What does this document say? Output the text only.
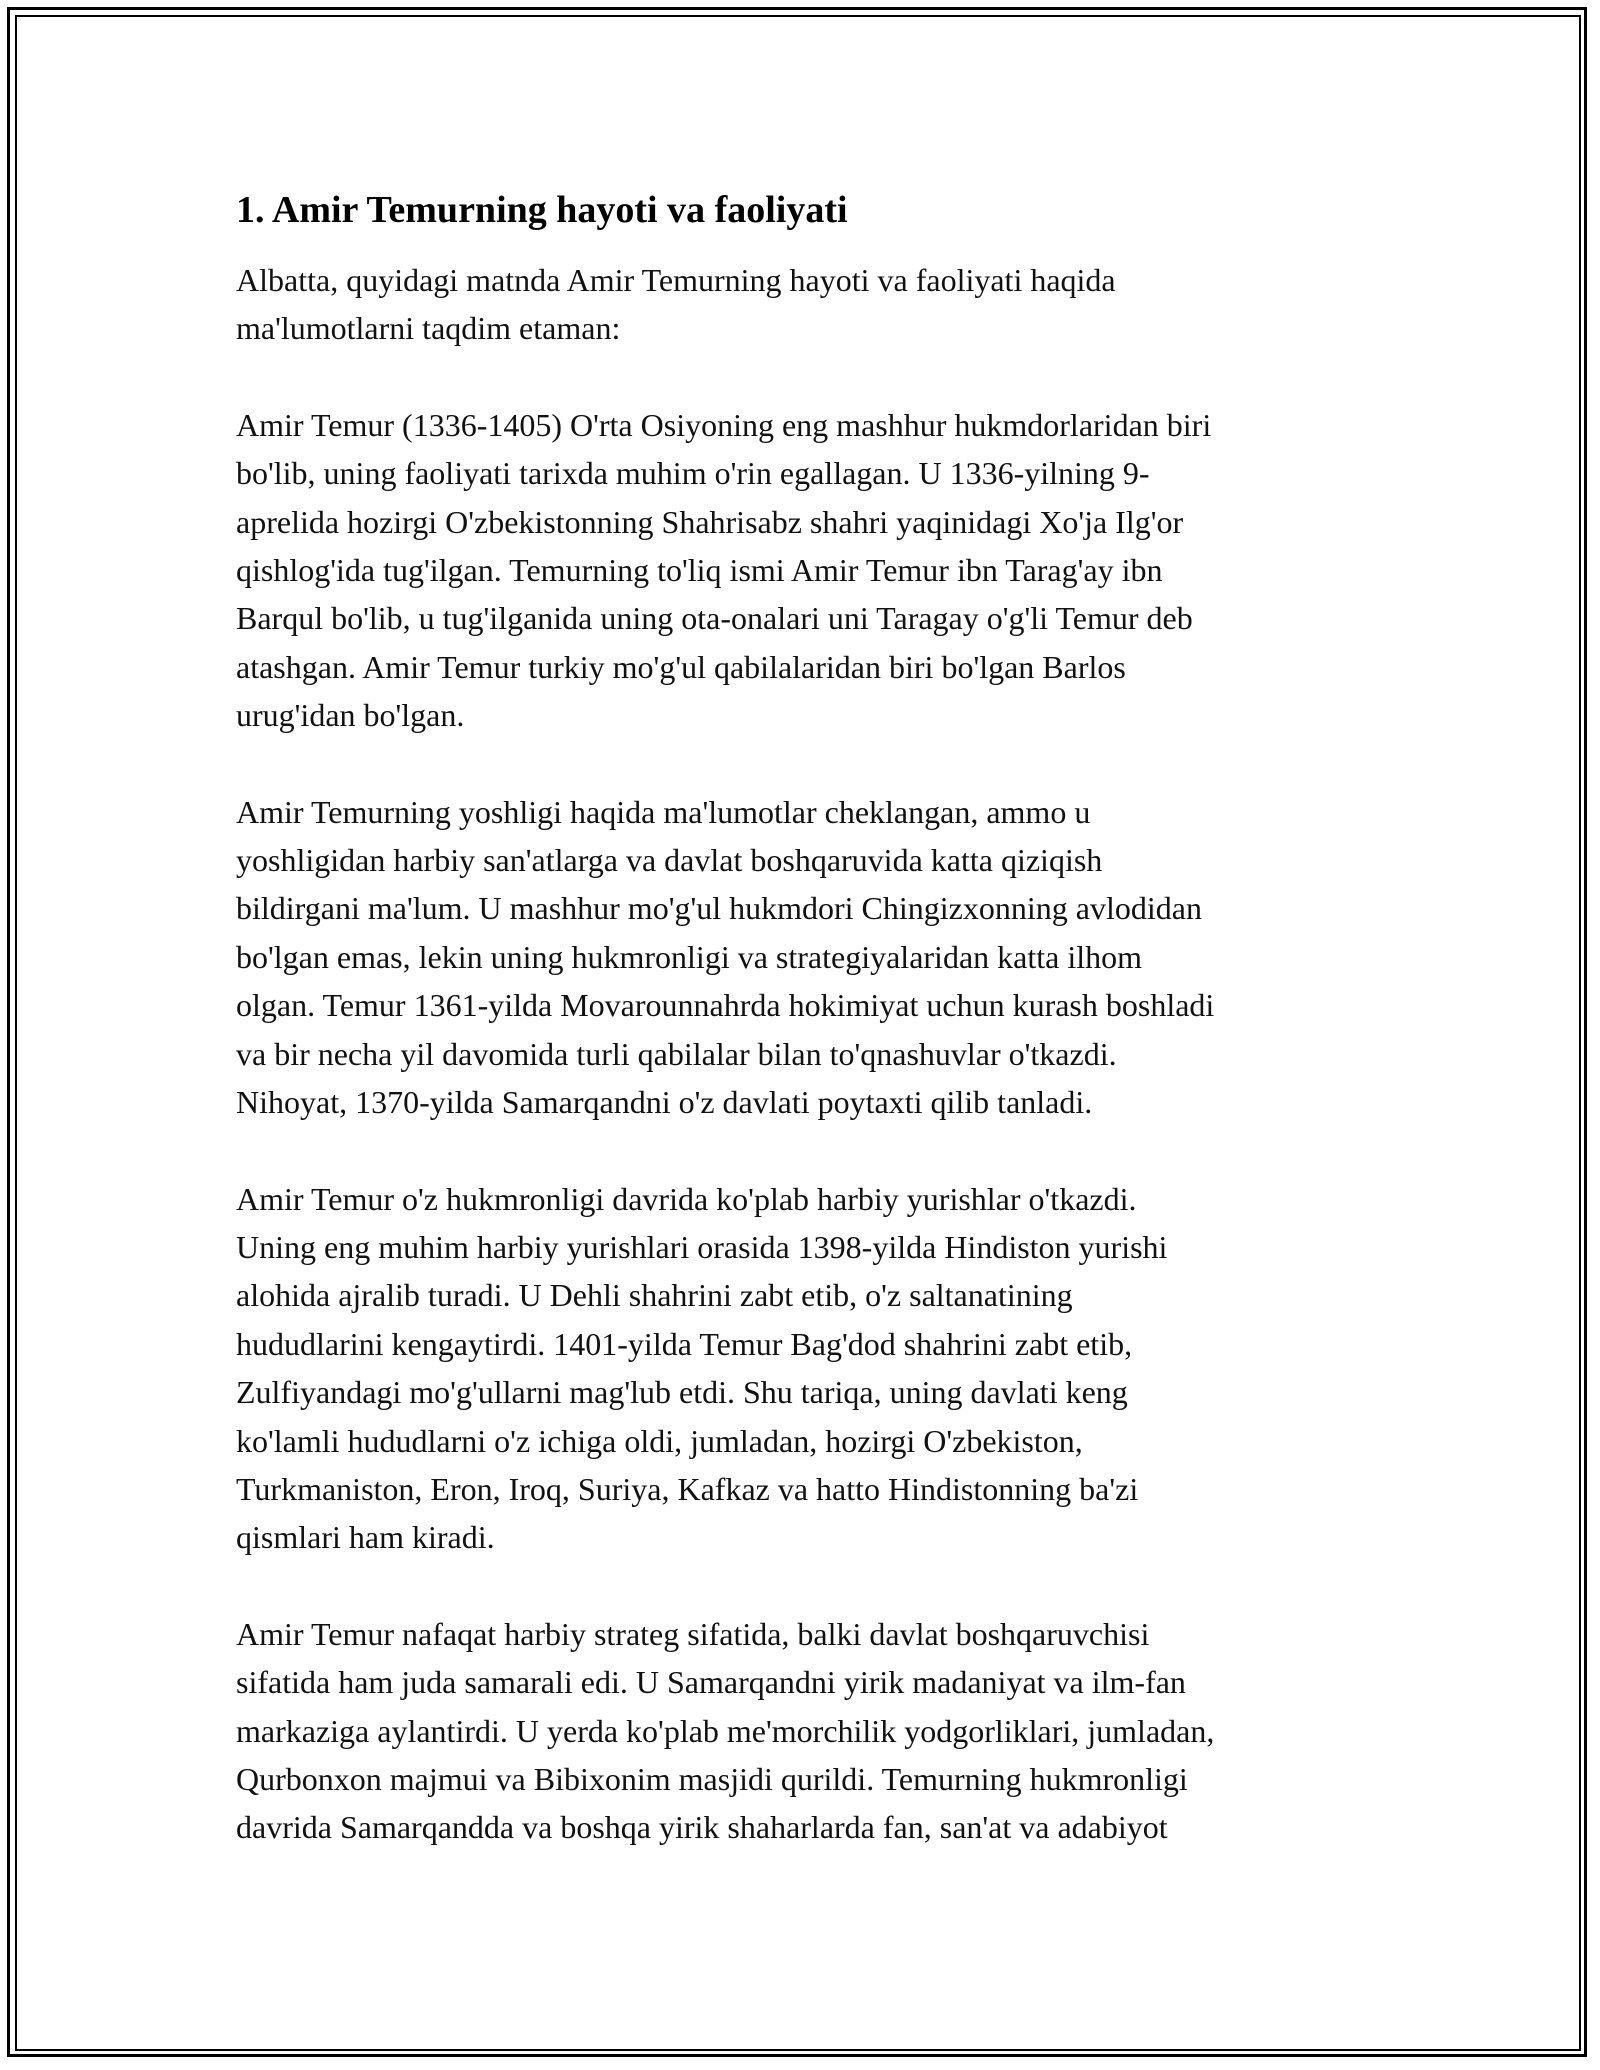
1. Amir Temurning hayoti va faoliyati

Albatta, quyidagi matnda Amir Temurning hayoti va faoliyati haqida
ma'lumotlarni taqdim etaman:

Amir Temur (1336-1405) O'rta Osiyoning eng mashhur hukmdorlaridan biri
bo'lib, uning faoliyati tarixda muhim o'rin egallagan. U 1336-yilning 9-
aprelida hozirgi O'zbekistonning Shahrisabz shahri yaqinidagi Xo'ja Ilg'or
qishlog'ida tug'ilgan. Temurning to'liq ismi Amir Temur ibn Tarag'ay ibn
Barqul bo'lib, u tug'ilganida uning ota-onalari uni Taragay o'g'li Temur deb
atashgan. Amir Temur turkiy mo'g'ul qabilalaridan biri bo'lgan Barlos
urug'idan bo'lgan.

Amir Temurning yoshligi haqida ma'lumotlar cheklangan, ammo u
yoshligidan harbiy san'atlarga va davlat boshqaruvida katta qiziqish
bildirgani ma'lum. U mashhur mo'g'ul hukmdori Chingizxonning avlodidan
bo'lgan emas, lekin uning hukmronligi va strategiyalaridan katta ilhom
olgan. Temur 1361-yilda Movarounnahrda hokimiyat uchun kurash boshladi
va bir necha yil davomida turli qabilalar bilan to'qnashuvlar o'tkazdi.
Nihoyat, 1370-yilda Samarqandni o'z davlati poytaxti qilib tanladi.

Amir Temur o'z hukmronligi davrida ko'plab harbiy yurishlar o'tkazdi.
Uning eng muhim harbiy yurishlari orasida 1398-yilda Hindiston yurishi
alohida ajralib turadi. U Dehli shahrini zabt etib, o'z saltanatining
hududlarini kengaytirdi. 1401-yilda Temur Bag'dod shahrini zabt etib,
Zulfiyandagi mo'g'ullarni mag'lub etdi. Shu tariqa, uning davlati keng
ko'lamli hududlarni o'z ichiga oldi, jumladan, hozirgi O'zbekiston,
Turkmaniston, Eron, Iroq, Suriya, Kafkaz va hatto Hindistonning ba'zi
qismlari ham kiradi.

Amir Temur nafaqat harbiy strateg sifatida, balki davlat boshqaruvchisi
sifatida ham juda samarali edi. U Samarqandni yirik madaniyat va ilm-fan
markaziga aylantirdi. U yerda ko'plab me'morchilik yodgorliklari, jumladan,
Qurbonxon majmui va Bibixonim masjidi qurildi. Temurning hukmronligi
davrida Samarqandda va boshqa yirik shaharlarda fan, san'at va adabiyot
